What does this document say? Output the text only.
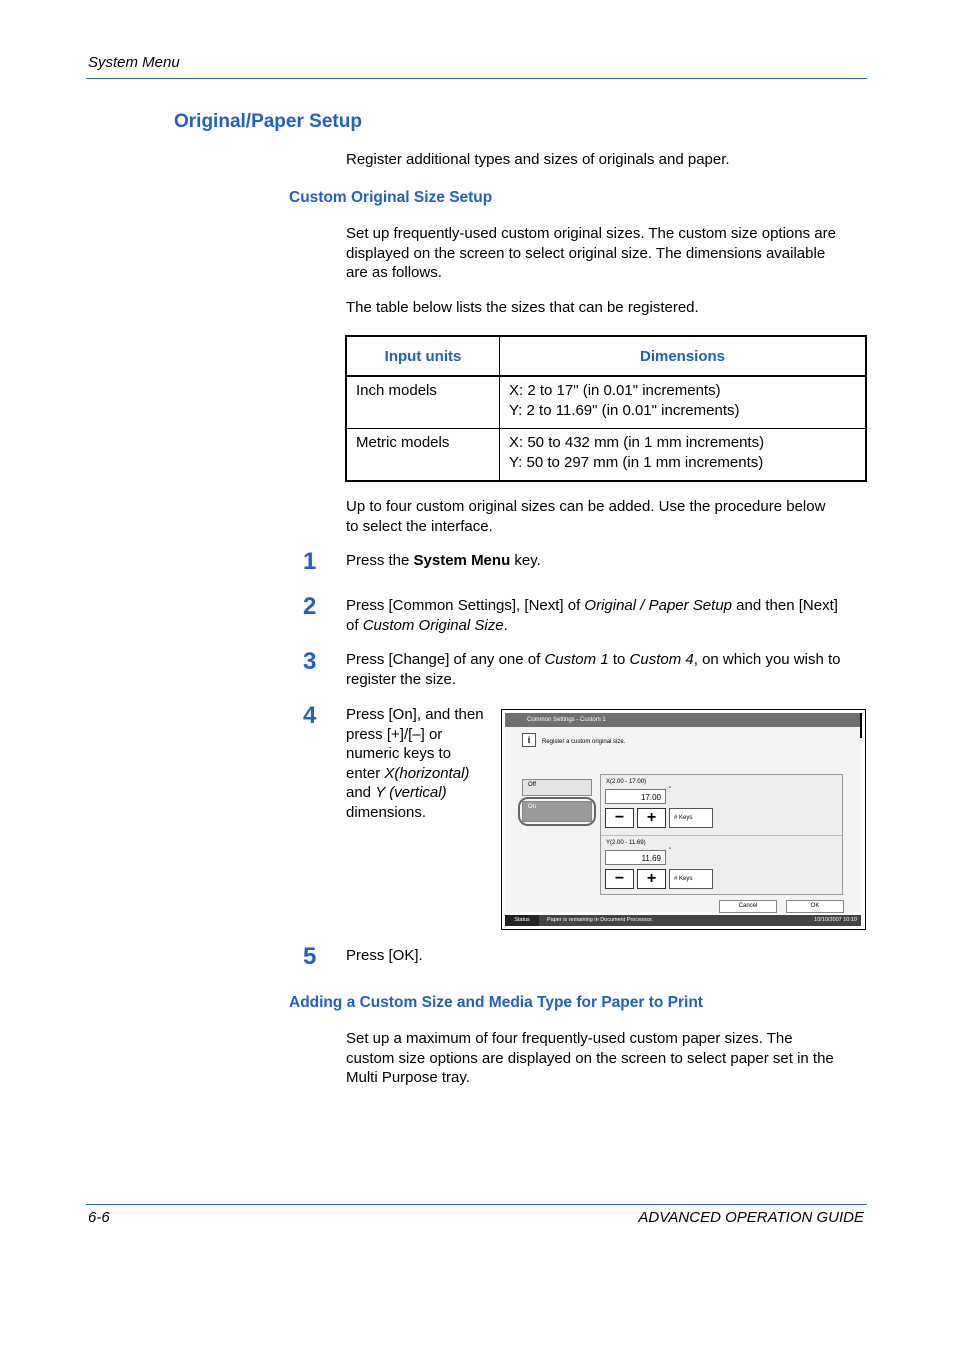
System Menu
Original/Paper Setup
Register additional types and sizes of originals and paper.
Custom Original Size Setup
Set up frequently-used custom original sizes. The custom size options are
displayed on the screen to select original size. The dimensions available
are as follows.
The table below lists the sizes that can be registered.
Input units	Dimensions
Inch models	X: 2 to 17" (in 0.01" increments)
Y: 2 to 11.69" (in 0.01" increments)

Metric models	X: 50 to 432 mm (in 1 mm increments)
Y: 50 to 297 mm (in 1 mm increments)
Up to four custom original sizes can be added. Use the procedure below
to select the interface.
1 Press the System Menu key.
2 Press [Common Settings], [Next] of Original / Paper Setup and then [Next]
of Custom Original Size.
3 Press [Change] of any one of Custom 1 to Custom 4, on which you wish to
register the size.
4 Press [On], and then
press [+]/[–] or
numeric keys to
enter X(horizontal)
and Y (vertical)
dimensions.
Common Settings - Custom 1
i	Register a custom original size.
Off
On
X(2.00 - 17.00)
17.00
"
−	+	# Keys
Y(2.00 - 11.69)
11.69
"
−	+	# Keys
Cancel	OK
Status	Paper is remaining in Document Processor.	10/10/2007 10:10
5 Press [OK].
Adding a Custom Size and Media Type for Paper to Print
Set up a maximum of four frequently-used custom paper sizes. The
custom size options are displayed on the screen to select paper set in the
Multi Purpose tray.
6-6	ADVANCED OPERATION GUIDE
